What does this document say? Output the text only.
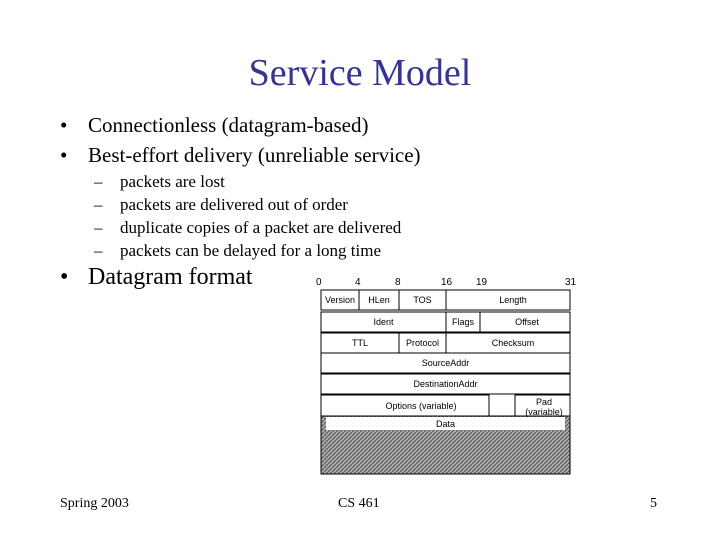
Service Model
• Connectionless (datagram-based)
• Best-effort delivery (unreliable service)
– packets are lost
– packets are delivered out of order
– duplicate copies of a packet are delivered
– packets can be delayed for a long time
• Datagram format	0	4	8	16 19	31
Version	HLen	TOS	Length
Ident	Flags	Offset
TTL	Protocol	Checksum
SourceAddr
DestinationAddr
Options (variable)	Pad (variable)
Data
Spring 2003	CS 461	5
